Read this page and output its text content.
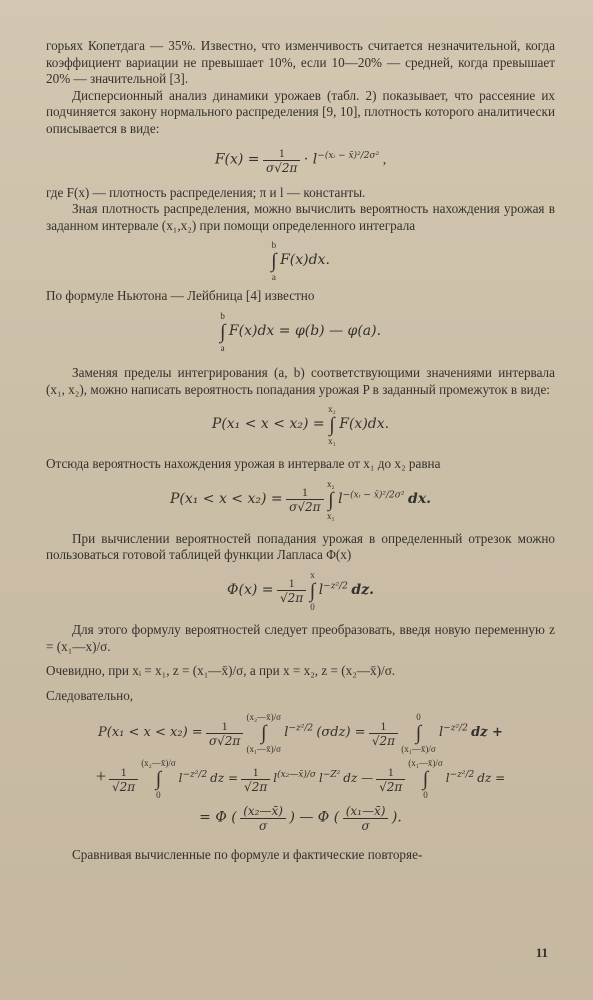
горьях Копетдага — 35%. Известно, что изменчивость считается незначительной, когда коэффициент вариации не превышает 10%, если 10—20% — средней, когда превышает 20% — значительной [3].

Дисперсионный анализ динамики урожаев (табл. 2) показывает, что рассеяние их подчиняется закону нормального распределения [9, 10], плотность которого аналитически описывается в виде:

$F(x) = \frac{1}{\sigma√2\pi} \cdot l^{-(xᵢ - x̄)^2/2\sigma^2}$ ,

где F(x) — плотность распределения; π и l — константы.

Зная плотность распределения, можно вычислить вероятность нахождения урожая в заданном интервале (x₁,x₂) при помощи определенного интеграла

b
∫
a F(x)dx.

По формуле Ньютона — Лейбница [4] известно

b
∫
a F(x)dx = φ(b) — φ(a).

Заменяя пределы интегрирования (a, b) соответствующими значениями интервала (x₁, x₂), можно написать вероятность попадания урожая P в заданный промежуток в виде:

P(x₁ < x < x₂) = x₂
∫
x₁ F(x)dx.

Отсюда вероятность нахождения урожая в интервале от x₁ до x₂ равна

$P(x_1 < x < x_2) = \frac{1}{\sigma√2\pi}$
x₂
∫
x₁ $l^{-(xᵢ - x̄)^2/2\sigma^2}$ dx.

При вычислении вероятностей попадания урожая в определенный отрезок можно пользоваться готовой таблицей функции Лапласа Φ(x)

$\Phi(x) = \frac{1}{√2\pi}$
x
∫
0 $l^{-z^2/2}$ dz.

Для этого формулу вероятностей следует преобразовать, введя новую переменную z = (x₁—x)/σ.

Очевидно, при xᵢ = x₁, z = (x₁—x̄)/σ, а при x = x₂, z = (x₂—x̄)/σ.

Следовательно,

$P(x_1 < x < x_2) = \frac{1}{\sigma√2\pi}$
(x₂—x̄)/σ
∫
(x₁—x̄)/σ $l^{-z^2/2}$ $(\sigma dz) = \frac{1}{√2\pi}$
0
∫
(x₁—x̄)/σ $l^{-z^2/2}$ dz +
+ $\frac{1}{√2\pi}$
(x₂—x̄)/σ
∫
0 $l^{-z^2/2}$ dz = $\frac{1}{√2\pi} l^{(x_2—x̄)/\sigma}$ $l^{-Z^2}$ dz — $\frac{1}{√2\pi}$
(x₁—x̄)/σ
∫
0 $l^{-z^2/2}$ dz =
= Φ ( $\frac{\text{(x₂—x̄)}}{\sigma}$ ) — Φ ( $\frac{\text{(x₁—x̄)}}{\sigma}$ ).

Сравнивая вычисленные по формуле и фактические повторяе-

11
